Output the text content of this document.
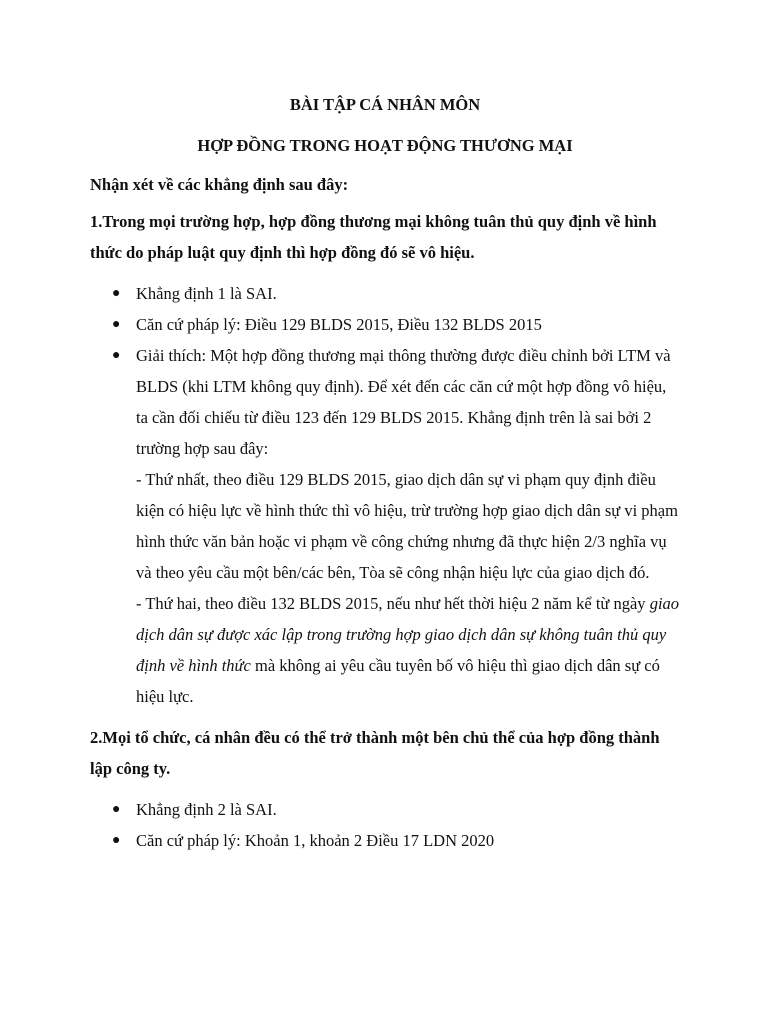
BÀI TẬP CÁ NHÂN MÔN

HỢP ĐỒNG TRONG HOẠT ĐỘNG THƯƠNG MẠI

Nhận xét về các khẳng định sau đây:

1.Trong mọi trường hợp, hợp đồng thương mại không tuân thủ quy định về hình thức do pháp luật quy định thì hợp đồng đó sẽ vô hiệu.

● Khẳng định 1 là SAI.
● Căn cứ pháp lý: Điều 129 BLDS 2015, Điều 132 BLDS 2015
● Giải thích: Một hợp đồng thương mại thông thường được điều chỉnh bởi LTM và BLDS (khi LTM không quy định). Để xét đến các căn cứ một hợp đồng vô hiệu, ta cần đối chiếu từ điều 123 đến 129 BLDS 2015. Khẳng định trên là sai bởi 2 trường hợp sau đây:
- Thứ nhất, theo điều 129 BLDS 2015, giao dịch dân sự vi phạm quy định điều kiện có hiệu lực về hình thức thì vô hiệu, trừ trường hợp giao dịch dân sự vi phạm hình thức văn bản hoặc vi phạm về công chứng nhưng đã thực hiện 2/3 nghĩa vụ và theo yêu cầu một bên/các bên, Tòa sẽ công nhận hiệu lực của giao dịch đó.
- Thứ hai, theo điều 132 BLDS 2015, nếu như hết thời hiệu 2 năm kể từ ngày giao dịch dân sự được xác lập trong trường hợp giao dịch dân sự không tuân thủ quy định về hình thức mà không ai yêu cầu tuyên bố vô hiệu thì giao dịch dân sự có hiệu lực.

2.Mọi tổ chức, cá nhân đều có thể trở thành một bên chủ thể của hợp đồng thành lập công ty.

● Khẳng định 2 là SAI.
● Căn cứ pháp lý: Khoản 1, khoản 2 Điều 17 LDN 2020
